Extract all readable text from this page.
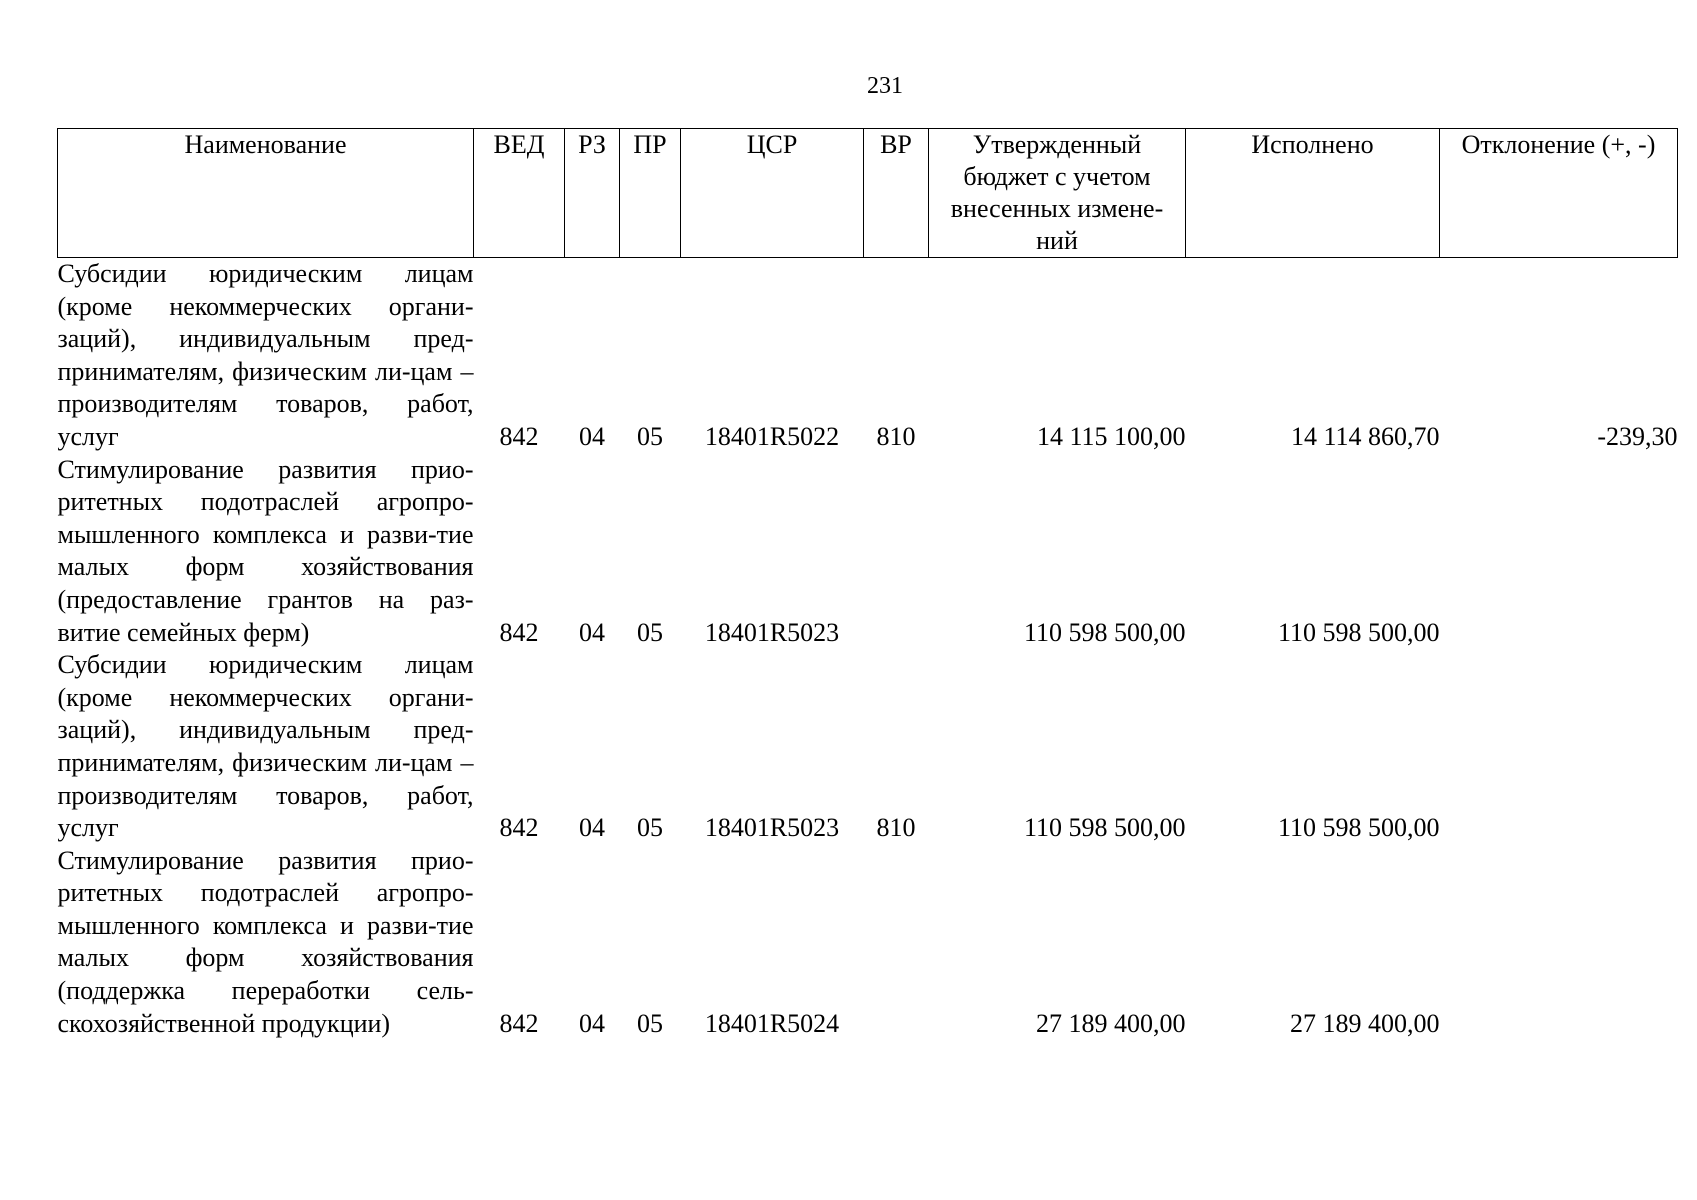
231
Наименование	ВЕД	РЗ	ПР	ЦСР	ВР	Утвержденный бюджет с учетом внесенных измене-ний	Исполнено	Отклонение (+, -)
Субсидии юридическим лицам (кроме некоммерческих органи-заций), индивидуальным пред-принимателям, физическим ли-цам – производителям товаров, работ, услуг	842	04	05	18401R5022	810	14 115 100,00	14 114 860,70	-239,30
Стимулирование развития прио-ритетных подотраслей агропро-мышленного комплекса и разви-тие малых форм хозяйствования (предоставление грантов на раз-витие семейных ферм)	842	04	05	18401R5023		110 598 500,00	110 598 500,00	
Субсидии юридическим лицам (кроме некоммерческих органи-заций), индивидуальным пред-принимателям, физическим ли-цам – производителям товаров, работ, услуг	842	04	05	18401R5023	810	110 598 500,00	110 598 500,00	
Стимулирование развития прио-ритетных подотраслей агропро-мышленного комплекса и разви-тие малых форм хозяйствования (поддержка переработки сель-скохозяйственной продукции)	842	04	05	18401R5024		27 189 400,00	27 189 400,00	
